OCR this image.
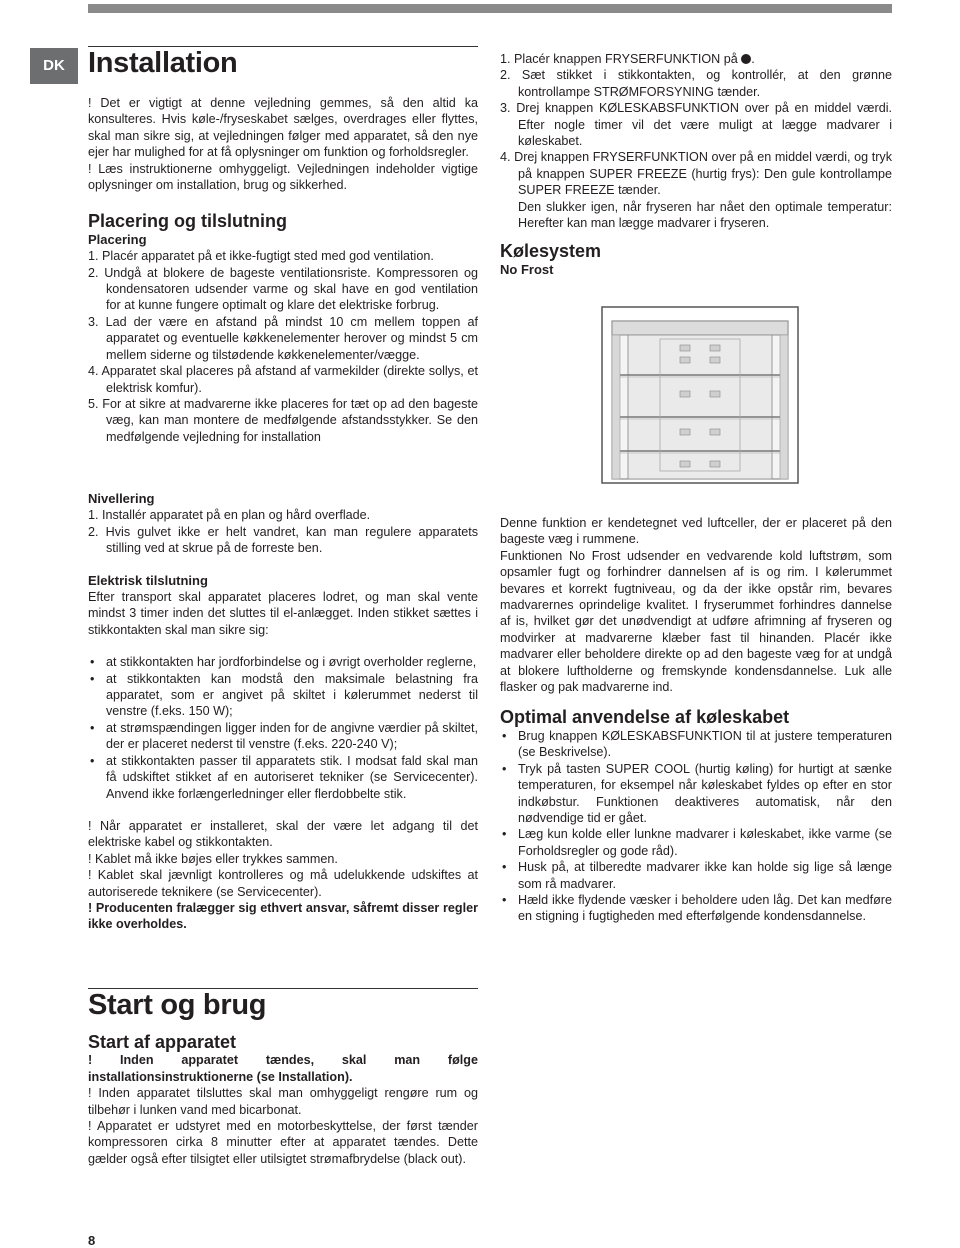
DK Installation

! Det er vigtigt at denne vejledning gemmes, så den altid ka konsulteres. Hvis køle-/fryseskabet sælges, overdrages eller flyttes, skal man sikre sig, at vejledningen følger med apparatet, så den nye ejer har mulighed for at få oplysninger om funktion og forholdsregler.

! Læs instruktionerne omhyggeligt. Vejledningen indeholder vigtige oplysninger om installation, brug og sikkerhed.

Placering og tilslutning
Placering
1. Placér apparatet på et ikke-fugtigt sted med god ventilation.
2. Undgå at blokere de bageste ventilationsriste. Kompressoren og kondensatoren udsender varme og skal have en god ventilation for at kunne fungere optimalt og klare det elektriske forbrug.
3. Lad der være en afstand på mindst 10 cm mellem toppen af apparatet og eventuelle køkkenelementer herover og mindst 5 cm mellem siderne og tilstødende køkkenelementer/vægge.
4. Apparatet skal placeres på afstand af varmekilder (direkte sollys, et elektrisk komfur).
5. For at sikre at madvarerne ikke placeres for tæt op ad den bageste væg, kan man montere de medfølgende afstandsstykker. Se den medfølgende vejledning for installation
Nivellering
1. Installér apparatet på en plan og hård overflade.
2. Hvis gulvet ikke er helt vandret, kan man regulere apparatets stilling ved at skrue på de forreste ben.
Elektrisk tilslutning

Efter transport skal apparatet placeres lodret, og man skal vente mindst 3 timer inden det sluttes til el-anlægget. Inden stikket sættes i stikkontakten skal man sikre sig:

• at stikkontakten har jordforbindelse og i øvrigt overholder reglerne,
• at stikkontakten kan modstå den maksimale belastning fra apparatet, som er angivet på skiltet i kølerummet nederst til venstre (f.eks. 150 W);
• at strømspændingen ligger inden for de angivne værdier på skiltet, der er placeret nederst til venstre (f.eks. 220-240 V);
• at stikkontakten passer til apparatets stik. I modsat fald skal man få udskiftet stikket af en autoriseret tekniker (se Servicecenter). Anvend ikke forlængerledninger eller flerdobbelte stik.

! Når apparatet er installeret, skal der være let adgang til det elektriske kabel og stikkontakten.

! Kablet må ikke bøjes eller trykkes sammen.

! Kablet skal jævnligt kontrolleres og må udelukkende udskiftes at autoriserede teknikere (se Servicecenter).

! Producenten fralægger sig ethvert ansvar, såfremt disser regler ikke overholdes.

Start og brug
Start af apparatet

! Inden apparatet tændes, skal man følge installationsinstruktionerne (se Installation).

! Inden apparatet tilsluttes skal man omhyggeligt rengøre rum og tilbehør i lunken vand med bicarbonat.

! Apparatet er udstyret med en motorbeskyttelse, der først tænder kompressoren cirka 8 minutter efter at apparatet tændes. Dette gælder også efter tilsigtet eller utilsigtet strømafbrydelse (black out).

1. Placér knappen FRYSERFUNKTION på .
2. Sæt stikket i stikkontakten, og kontrollér, at den grønne kontrollampe STRØMFORSYNING tænder.
3. Drej knappen KØLESKABSFUNKTION over på en middel værdi. Efter nogle timer vil det være muligt at lægge madvarer i køleskabet.
4. Drej knappen FRYSERFUNKTION over på en middel værdi, og tryk på knappen SUPER FREEZE (hurtig frys): Den gule kontrollampe SUPER FREEZE tænder.

Den slukker igen, når fryseren har nået den optimale temperatur: Herefter kan man lægge madvarer i fryseren.

Kølesystem
No Frost

Denne funktion er kendetegnet ved luftceller, der er placeret på den bageste væg i rummene.

Funktionen No Frost udsender en vedvarende kold luftstrøm, som opsamler fugt og forhindrer dannelsen af is og rim. I kølerummet bevares et korrekt fugtniveau, og da der ikke opstår rim, bevares madvarernes oprindelige kvalitet. I fryserummet forhindres dannelse af is, hvilket gør det unødvendigt at udføre afrimning af fryseren og modvirker at madvarerne klæber fast til hinanden. Placér ikke madvarer eller beholdere direkte op ad den bageste væg for at undgå at blokere luftholderne og fremskynde kondensdannelse. Luk alle flasker og pak madvarerne ind.

Optimal anvendelse af køleskabet
• Brug knappen KØLESKABSFUNKTION til at justere temperaturen (se Beskrivelse).
• Tryk på tasten SUPER COOL (hurtig køling) for hurtigt at sænke temperaturen, for eksempel når køleskabet fyldes op efter en stor indkøbstur. Funktionen deaktiveres automatisk, når den nødvendige tid er gået.
• Læg kun kolde eller lunkne madvarer i køleskabet, ikke varme (se Forholdsregler og gode råd).
• Husk på, at tilberedte madvarer ikke kan holde sig lige så længe som rå madvarer.
• Hæld ikke flydende væsker i beholdere uden låg. Det kan medføre en stigning i fugtigheden med efterfølgende kondensdannelse.
8
